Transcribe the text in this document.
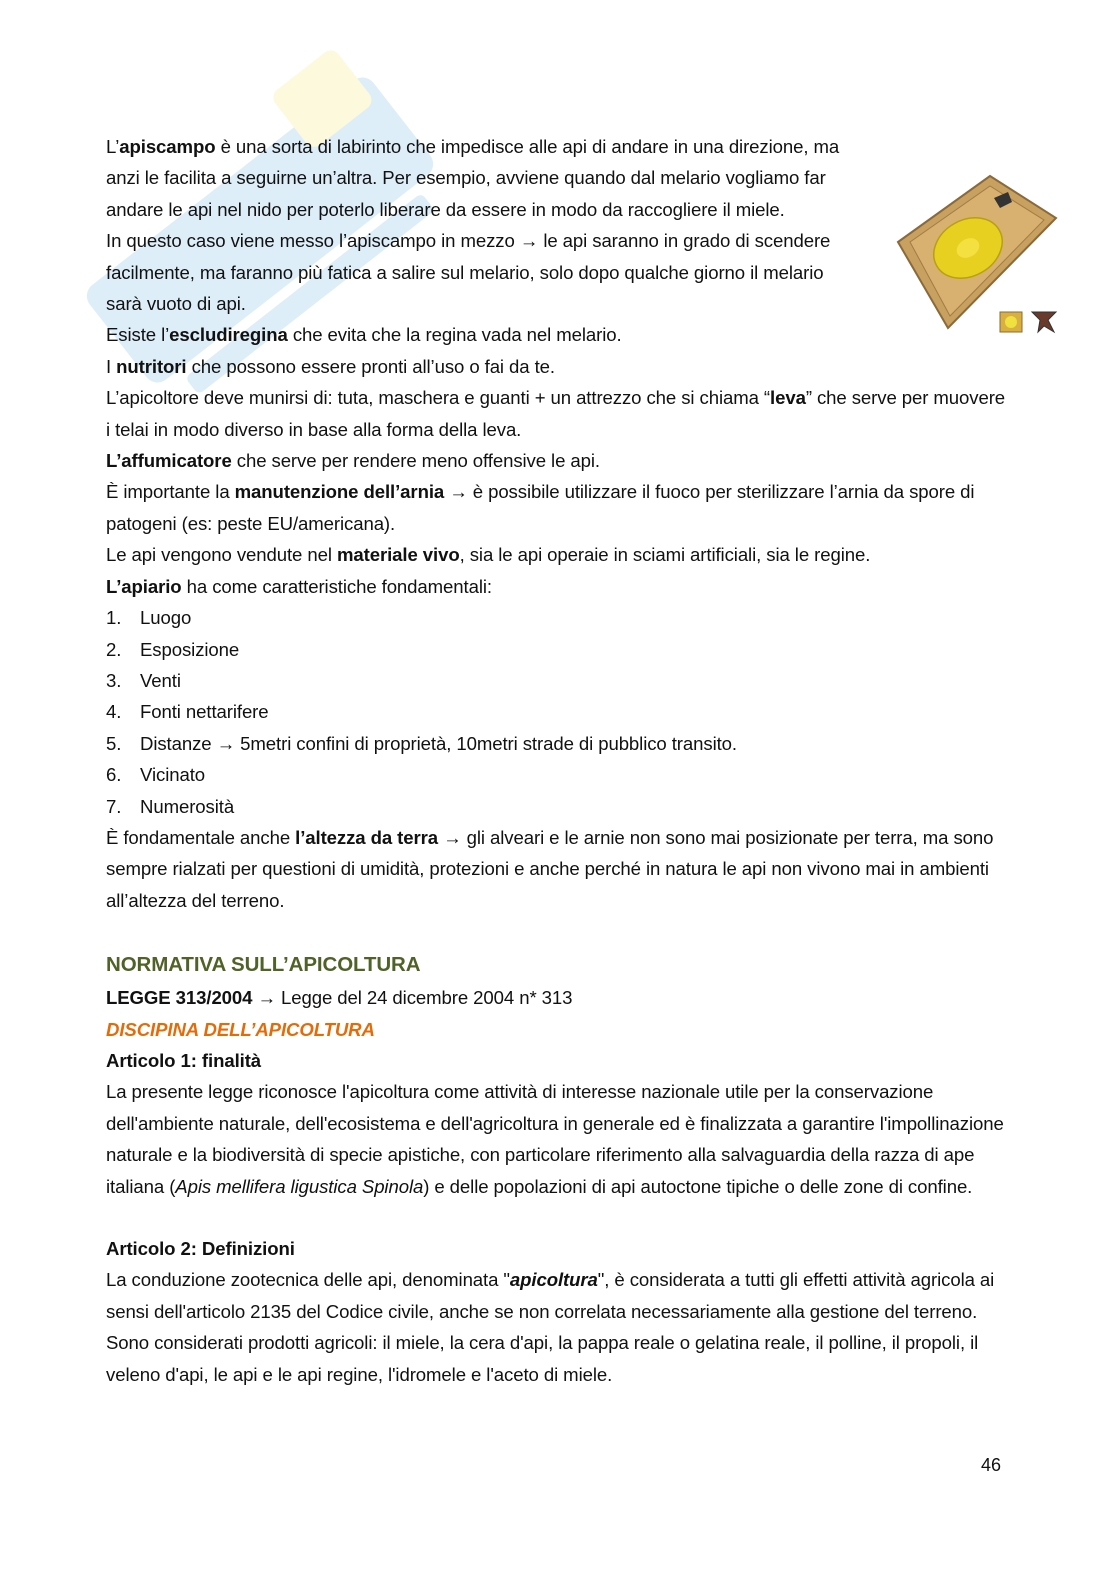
L’apiscampo è una sorta di labirinto che impedisce alle api di andare in una direzione, ma anzi le facilita a seguirne un’altra. Per esempio, avviene quando dal melario vogliamo far andare le api nel nido per poterlo liberare da essere in modo da raccogliere il miele.

In questo caso viene messo l’apiscampo in mezzo → le api saranno in grado di scendere facilmente, ma faranno più fatica a salire sul melario, solo dopo qualche giorno il melario sarà vuoto di api.

Esiste l’escludiregina che evita che la regina vada nel melario.

I nutritori che possono essere pronti all’uso o fai da te.

L’apicoltore deve munirsi di: tuta, maschera e guanti + un attrezzo che si chiama “leva” che serve per muovere i telai in modo diverso in base alla forma della leva.

L’affumicatore che serve per rendere meno offensive le api.

È importante la manutenzione dell’arnia → è possibile utilizzare il fuoco per sterilizzare l’arnia da spore di patogeni (es: peste EU/americana).

Le api vengono vendute nel materiale vivo, sia le api operaie in sciami artificiali, sia le regine.

L’apiario ha come caratteristiche fondamentali:

1.	Luogo
2.	Esposizione
3.	Venti
4.	Fonti nettarifere
5.	Distanze → 5metri confini di proprietà, 10metri strade di pubblico transito.
6.	Vicinato
7.	Numerosità

È fondamentale anche l’altezza da terra → gli alveari e le arnie non sono mai posizionate per terra, ma sono sempre rialzati per questioni di umidità, protezioni e anche perché in natura le api non vivono mai in ambienti all’altezza del terreno.

NORMATIVA SULL’APICOLTURA

LEGGE 313/2004 → Legge del 24 dicembre 2004 n* 313

DISCIPINA DELL’APICOLTURA

Articolo 1: finalità

La presente legge riconosce l'apicoltura come attività di interesse nazionale utile per la conservazione dell'ambiente naturale, dell'ecosistema e dell'agricoltura in generale ed è finalizzata a garantire l'impollinazione naturale e la biodiversità di specie apistiche, con particolare riferimento alla salvaguardia della razza di ape italiana (Apis mellifera ligustica Spinola) e delle popolazioni di api autoctone tipiche o delle zone di confine.

Articolo 2: Definizioni

La conduzione zootecnica delle api, denominata "apicoltura", è considerata a tutti gli effetti attività agricola ai sensi dell'articolo 2135 del Codice civile, anche se non correlata necessariamente alla gestione del terreno.

Sono considerati prodotti agricoli: il miele, la cera d'api, la pappa reale o gelatina reale, il polline, il propoli, il veleno d'api, le api e le api regine, l'idromele e l'aceto di miele.

46
